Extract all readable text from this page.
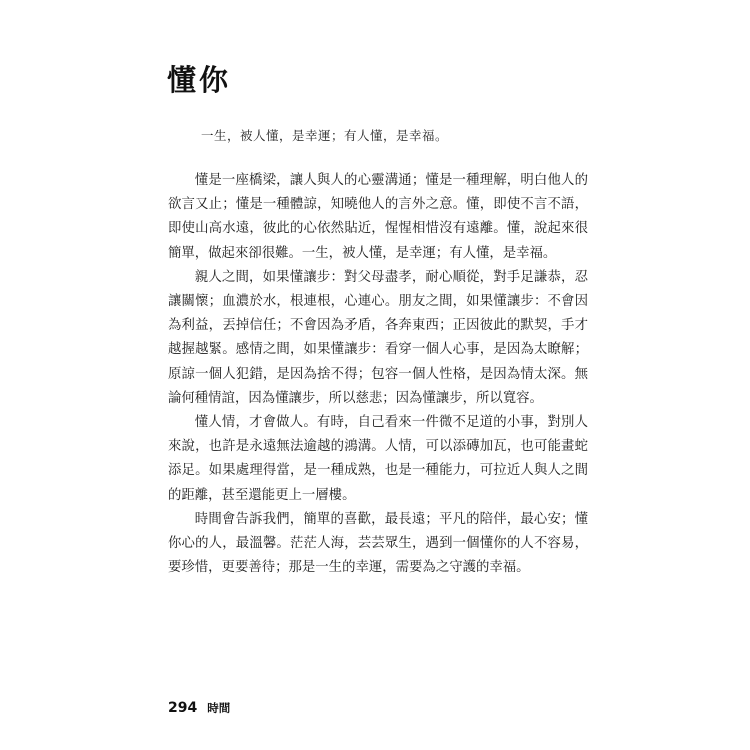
懂你

一生，被人懂，是幸運；有人懂，是幸福。

懂是一座橋梁，讓人與人的心靈溝通；懂是一種理解，明白他人的欲言又止；懂是一種體諒，知曉他人的言外之意。懂，即使不言不語，即使山高水遠，彼此的心依然貼近，惺惺相惜沒有遠離。懂，說起來很簡單，做起來卻很難。一生，被人懂，是幸運；有人懂，是幸福。

親人之間，如果懂讓步：對父母盡孝，耐心順從，對手足謙恭，忍讓關懷；血濃於水，根連根，心連心。朋友之間，如果懂讓步：不會因為利益，丟掉信任；不會因為矛盾，各奔東西；正因彼此的默契，手才越握越緊。感情之間，如果懂讓步：看穿一個人心事，是因為太瞭解；原諒一個人犯錯，是因為捨不得；包容一個人性格，是因為情太深。無論何種情誼，因為懂讓步，所以慈悲；因為懂讓步，所以寬容。

懂人情，才會做人。有時，自己看來一件微不足道的小事，對別人來說，也許是永遠無法逾越的鴻溝。人情，可以添磚加瓦，也可能畫蛇添足。如果處理得當，是一種成熟，也是一種能力，可拉近人與人之間的距離，甚至還能更上一層樓。

時間會告訴我們，簡單的喜歡，最長遠；平凡的陪伴，最心安；懂你心的人，最溫馨。茫茫人海，芸芸眾生，遇到一個懂你的人不容易，要珍惜，更要善待；那是一生的幸運，需要為之守護的幸福。

294 時間
